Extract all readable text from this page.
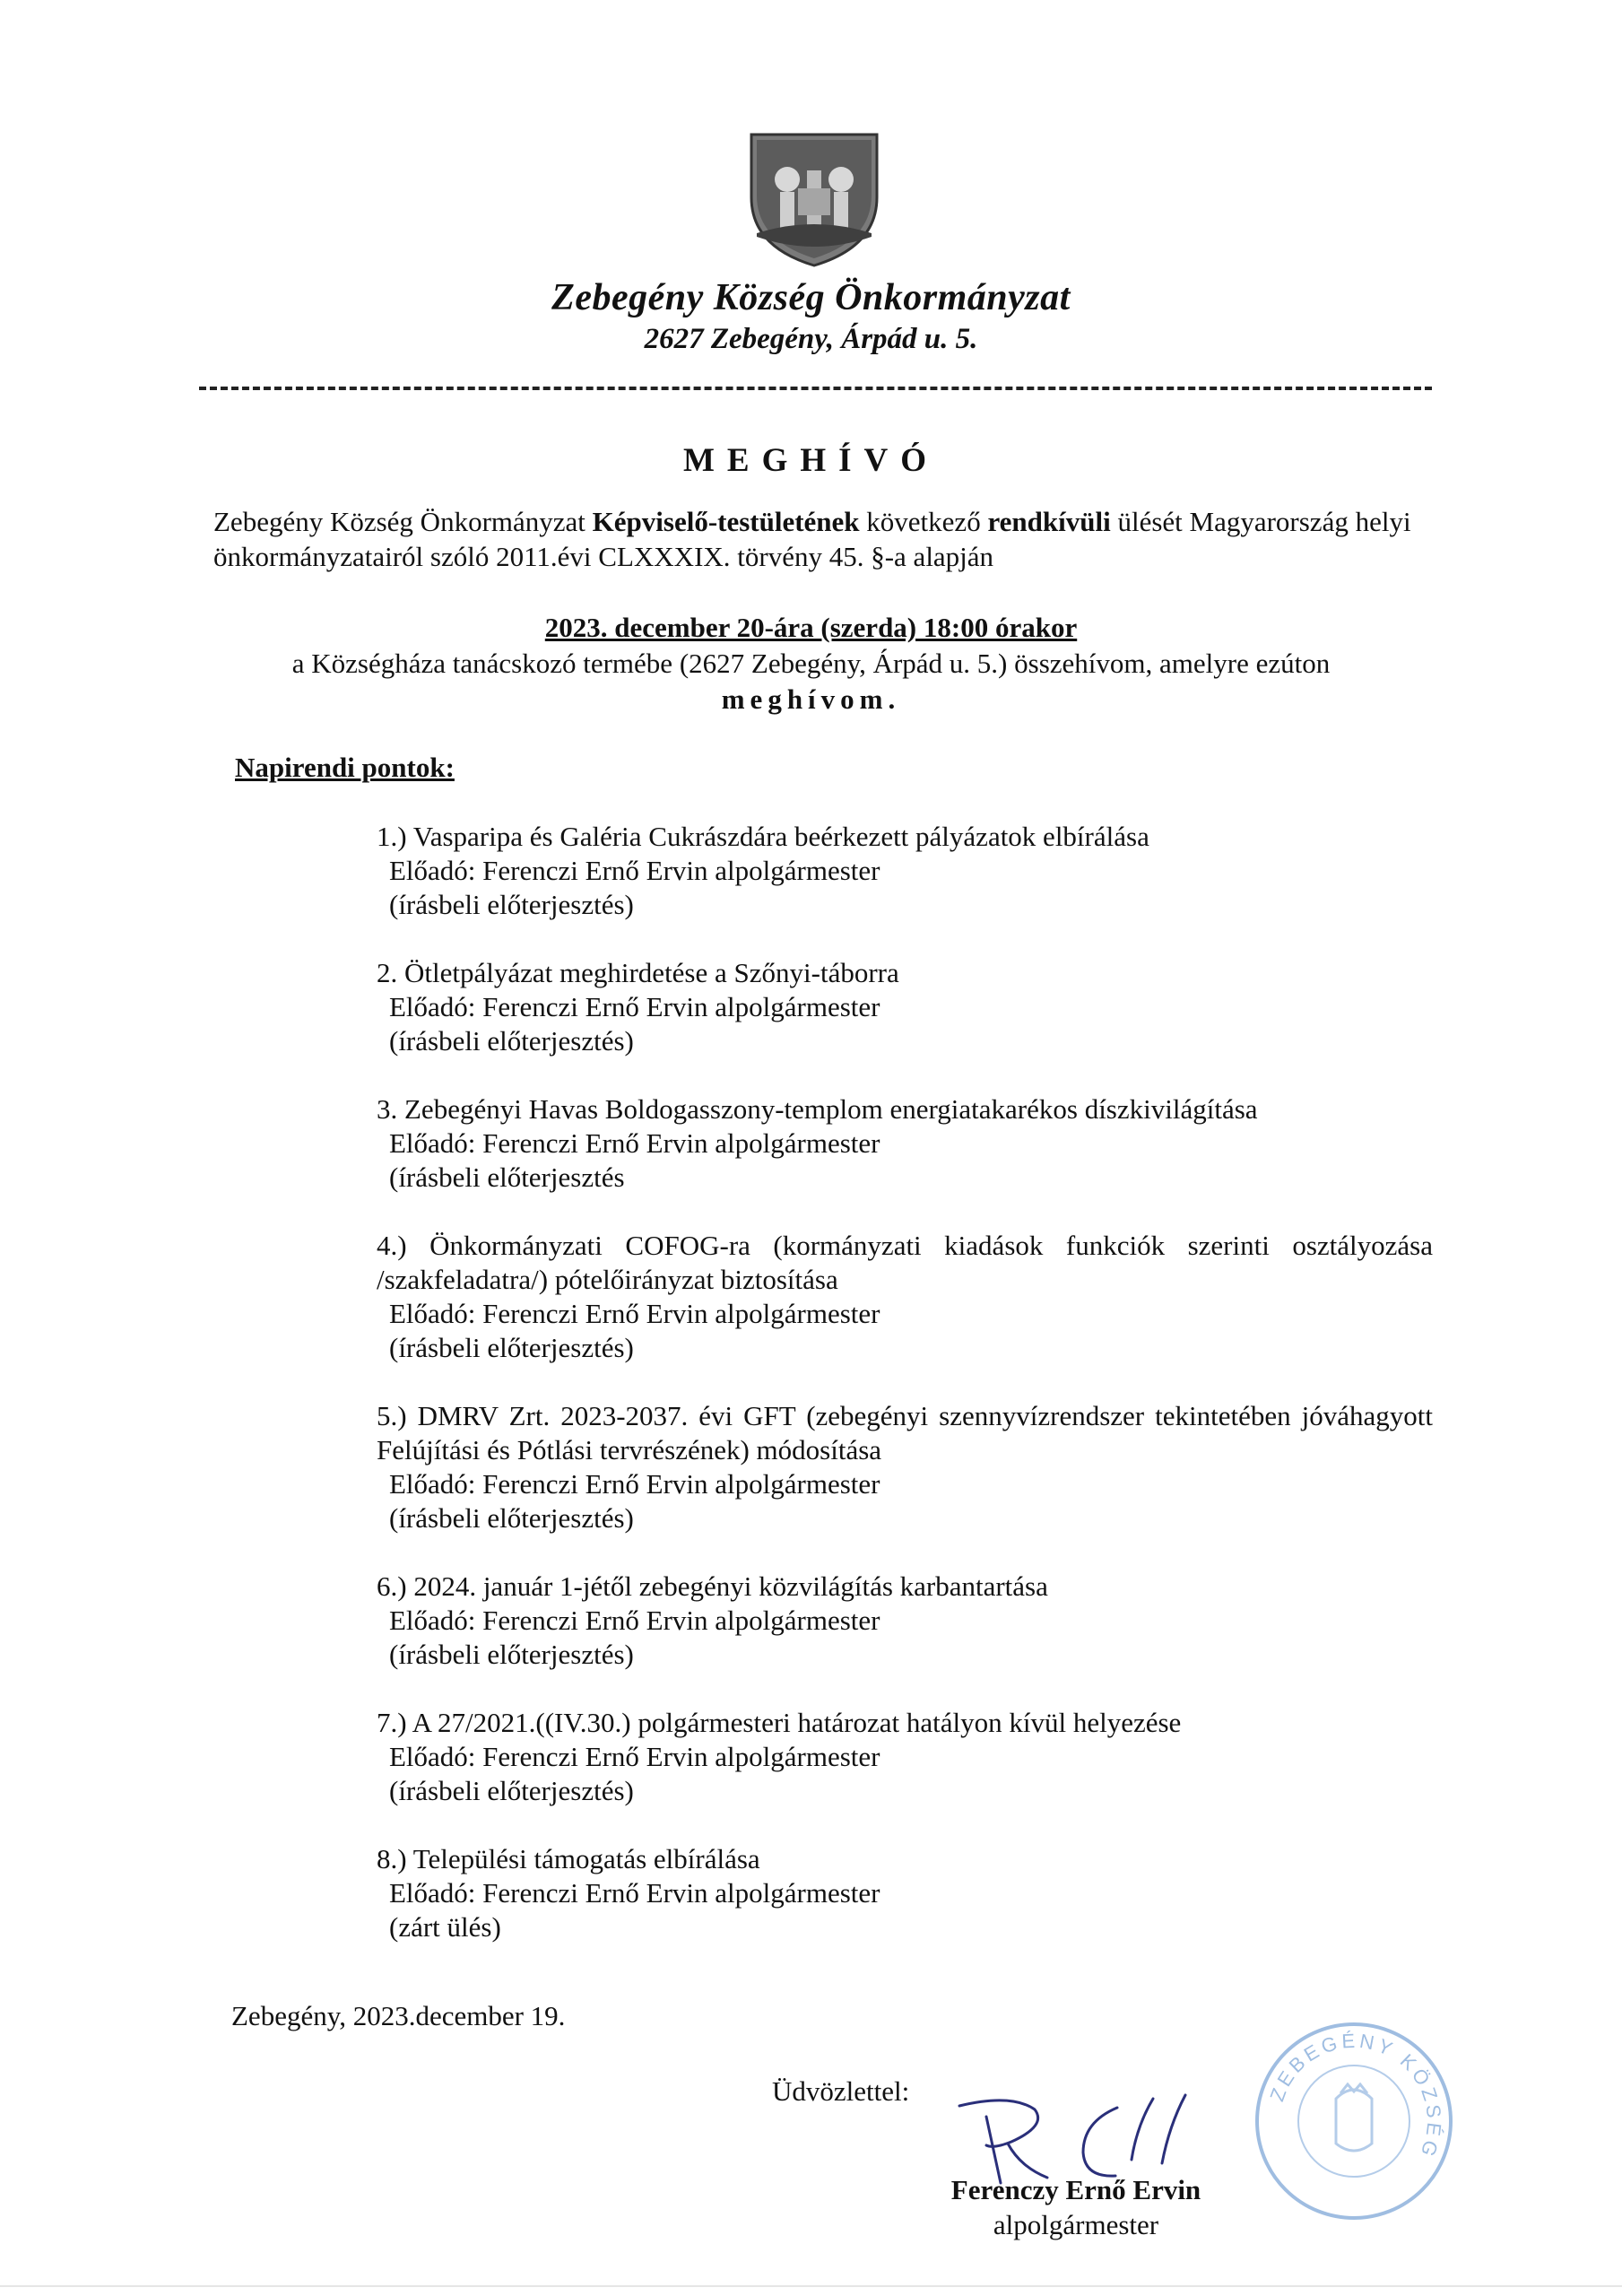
Zebegény Község Önkormányzat
2627 Zebegény, Árpád u. 5.
MEGHÍVÓ
Zebegény Község Önkormányzat Képviselő-testületének következő rendkívüli ülését Magyarország helyi önkormányzatairól szóló 2011.évi CLXXXIX. törvény 45. §-a alapján
2023. december 20-ára (szerda) 18:00 órakor
a Községháza tanácskozó termébe (2627 Zebegény, Árpád u. 5.) összehívom, amelyre ezúton
meghívom.
Napirendi pontok:
1.) Vasparipa és Galéria Cukrászdára beérkezett pályázatok elbírálása
Előadó: Ferenczi Ernő Ervin alpolgármester
(írásbeli előterjesztés)
2. Ötletpályázat meghirdetése a Szőnyi-táborra
Előadó: Ferenczi Ernő Ervin alpolgármester
(írásbeli előterjesztés)
3. Zebegényi Havas Boldogasszony-templom energiatakarékos díszkivilágítása
Előadó: Ferenczi Ernő Ervin alpolgármester
(írásbeli előterjesztés
4.) Önkormányzati COFOG-ra (kormányzati kiadások funkciók szerinti osztályozása /szakfeladatra/) pótelőirányzat biztosítása
Előadó: Ferenczi Ernő Ervin alpolgármester
(írásbeli előterjesztés)
5.) DMRV Zrt. 2023-2037. évi GFT (zebegényi szennyvízrendszer tekintetében jóváhagyott Felújítási és Pótlási tervrészének) módosítása
Előadó: Ferenczi Ernő Ervin alpolgármester
(írásbeli előterjesztés)
6.) 2024. január 1-jétől zebegényi közvilágítás karbantartása
Előadó: Ferenczi Ernő Ervin alpolgármester
(írásbeli előterjesztés)
7.) A 27/2021.((IV.30.) polgármesteri határozat hatályon kívül helyezése
Előadó: Ferenczi Ernő Ervin alpolgármester
(írásbeli előterjesztés)
8.) Települési támogatás elbírálása
Előadó: Ferenczi Ernő Ervin alpolgármester
(zárt ülés)
Zebegény, 2023.december 19.
Üdvözlettel:
Ferenczy Ernő Ervin
alpolgármester
ZEBEGÉNY KÖZSÉG
